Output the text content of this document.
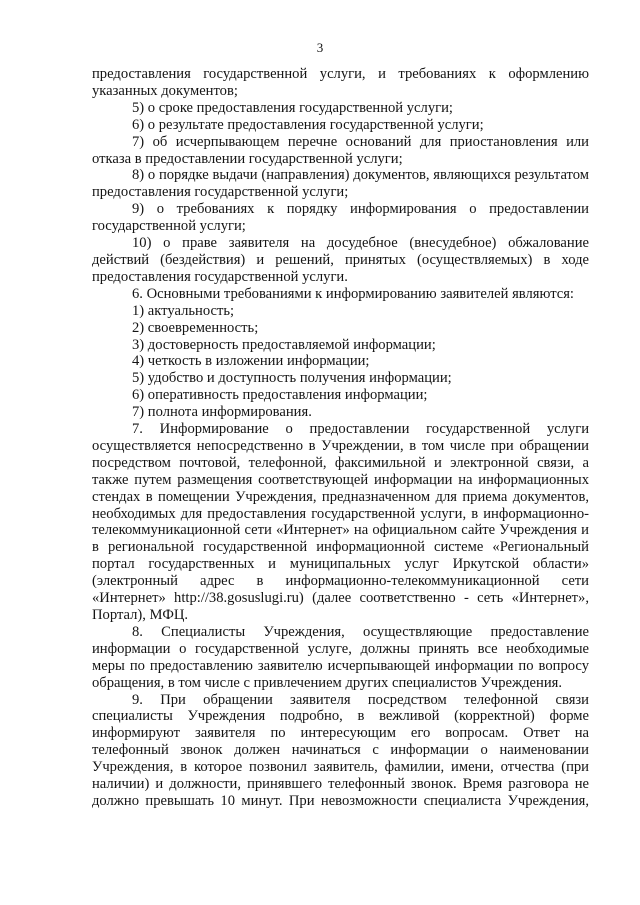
3

предоставления государственной услуги, и требованиях к оформлению указанных документов;

5) о сроке предоставления государственной услуги;

6) о результате предоставления государственной услуги;

7) об исчерпывающем перечне оснований для приостановления или отказа в предоставлении государственной услуги;

8) о порядке выдачи (направления) документов, являющихся результатом предоставления государственной услуги;

9) о требованиях к порядку информирования о предоставлении государственной услуги;

10) о праве заявителя на досудебное (внесудебное) обжалование действий (бездействия) и решений, принятых (осуществляемых) в ходе предоставления государственной услуги.

6. Основными требованиями к информированию заявителей являются:

1) актуальность;

2) своевременность;

3) достоверность предоставляемой информации;

4) четкость в изложении информации;

5) удобство и доступность получения информации;

6) оперативность предоставления информации;

7) полнота информирования.

7. Информирование о предоставлении государственной услуги осуществляется непосредственно в Учреждении, в том числе при обращении посредством почтовой, телефонной, факсимильной и электронной связи, а также путем размещения соответствующей информации на информационных стендах в помещении Учреждения, предназначенном для приема документов, необходимых для предоставления государственной услуги, в информационно-телекоммуникационной сети «Интернет» на официальном сайте Учреждения и в региональной государственной информационной системе «Региональный портал государственных и муниципальных услуг Иркутской области» (электронный адрес в информационно-телекоммуникационной сети «Интернет» http://38.gosuslugi.ru) (далее соответственно - сеть «Интернет», Портал), МФЦ.

8. Специалисты Учреждения, осуществляющие предоставление информации о государственной услуге, должны принять все необходимые меры по предоставлению заявителю исчерпывающей информации по вопросу обращения, в том числе с привлечением других специалистов Учреждения.

9. При обращении заявителя посредством телефонной связи специалисты Учреждения подробно, в вежливой (корректной) форме информируют заявителя по интересующим его вопросам. Ответ на телефонный звонок должен начинаться с информации о наименовании Учреждения, в которое позвонил заявитель, фамилии, имени, отчества (при наличии) и должности, принявшего телефонный звонок. Время разговора не должно превышать 10 минут. При невозможности специалиста Учреждения,
